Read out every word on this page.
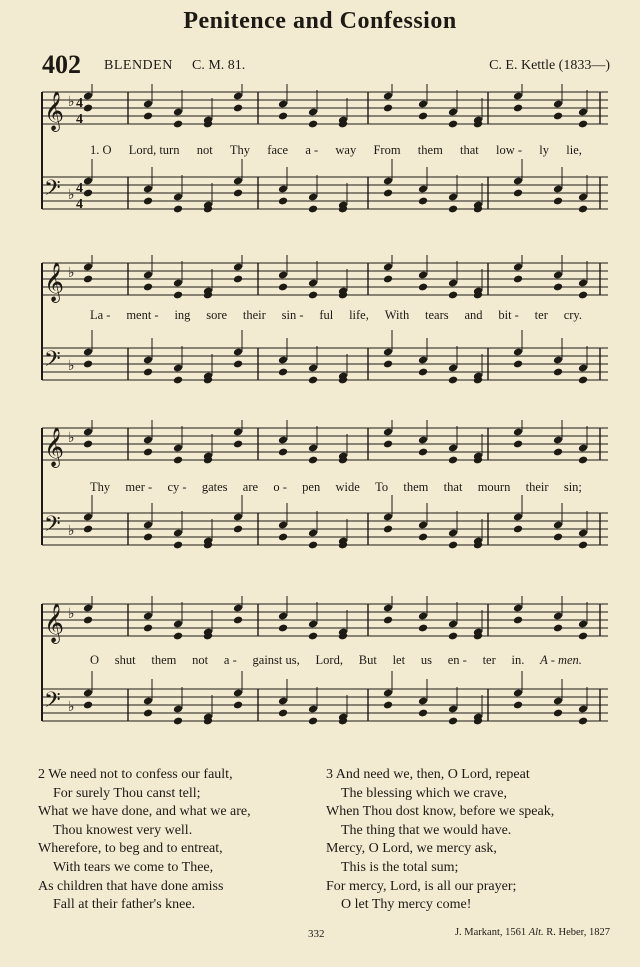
Penitence and Confession
402 BLENDEN C. M. 81.	C. E. Kettle (1833—)
𝄞 ♭
𝄢 ♭
4
4
4
4
1. O Lord, turn not Thy face a - way From them that low - ly lie,
𝄞 ♭
𝄢 ♭
La - ment - ing sore their sin - ful life, With tears and bit - ter cry.
𝄞 ♭
𝄢 ♭
Thy mer - cy - gates are o - pen wide To them that mourn their sin;
𝄞 ♭
𝄢 ♭
O shut them not a - gainst us, Lord, But let us en - ter in. A - men.
2 We need not to confess our fault,
For surely Thou canst tell;
What we have done, and what we are,
Thou knowest very well.
Wherefore, to beg and to entreat,
With tears we come to Thee,
As children that have done amiss
Fall at their father's knee.
3 And need we, then, O Lord, repeat
The blessing which we crave,
When Thou dost know, before we speak,
The thing that we would have.
Mercy, O Lord, we mercy ask,
This is the total sum;
For mercy, Lord, is all our prayer;
O let Thy mercy come!
332	J. Markant, 1561 Alt. R. Heber, 1827
